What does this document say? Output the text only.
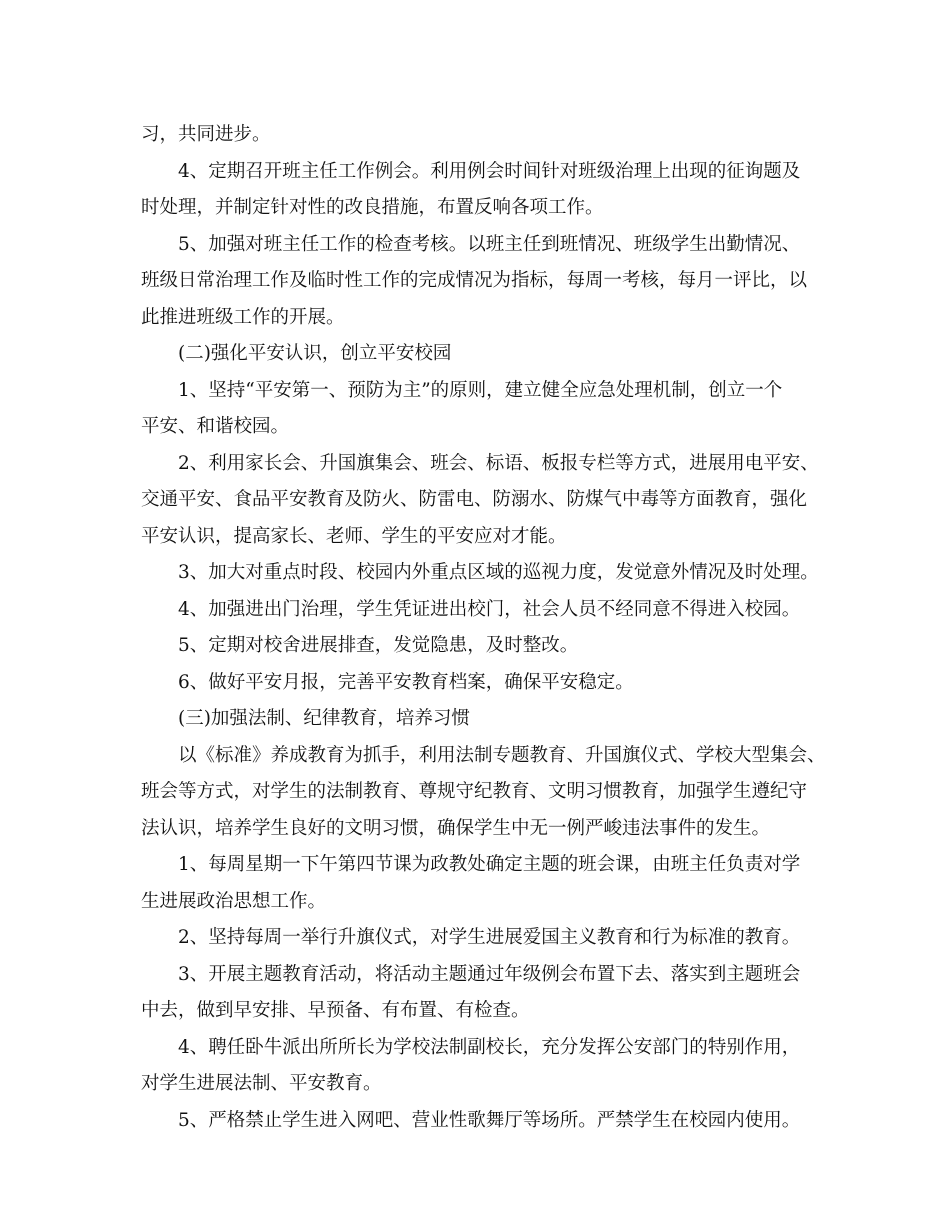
习，共同进步。
4、定期召开班主任工作例会。利用例会时间针对班级治理上出现的征询题及
时处理，并制定针对性的改良措施，布置反响各项工作。
5、加强对班主任工作的检查考核。以班主任到班情况、班级学生出勤情况、
班级日常治理工作及临时性工作的完成情况为指标，每周一考核，每月一评比，以
此推进班级工作的开展。
(二)强化平安认识，创立平安校园
1、坚持“平安第一、预防为主”的原则，建立健全应急处理机制，创立一个
平安、和谐校园。
2、利用家长会、升国旗集会、班会、标语、板报专栏等方式，进展用电平安、
交通平安、食品平安教育及防火、防雷电、防溺水、防煤气中毒等方面教育，强化
平安认识，提高家长、老师、学生的平安应对才能。
3、加大对重点时段、校园内外重点区域的巡视力度，发觉意外情况及时处理。
4、加强进出门治理，学生凭证进出校门，社会人员不经同意不得进入校园。
5、定期对校舍进展排查，发觉隐患，及时整改。
6、做好平安月报，完善平安教育档案，确保平安稳定。
(三)加强法制、纪律教育，培养习惯
以《标准》养成教育为抓手，利用法制专题教育、升国旗仪式、学校大型集会、
班会等方式，对学生的法制教育、尊规守纪教育、文明习惯教育，加强学生遵纪守
法认识，培养学生良好的文明习惯，确保学生中无一例严峻违法事件的发生。
1、每周星期一下午第四节课为政教处确定主题的班会课，由班主任负责对学
生进展政治思想工作。
2、坚持每周一举行升旗仪式，对学生进展爱国主义教育和行为标准的教育。
3、开展主题教育活动，将活动主题通过年级例会布置下去、落实到主题班会
中去，做到早安排、早预备、有布置、有检查。
4、聘任卧牛派出所所长为学校法制副校长，充分发挥公安部门的特别作用，
对学生进展法制、平安教育。
5、严格禁止学生进入网吧、营业性歌舞厅等场所。严禁学生在校园内使用。
